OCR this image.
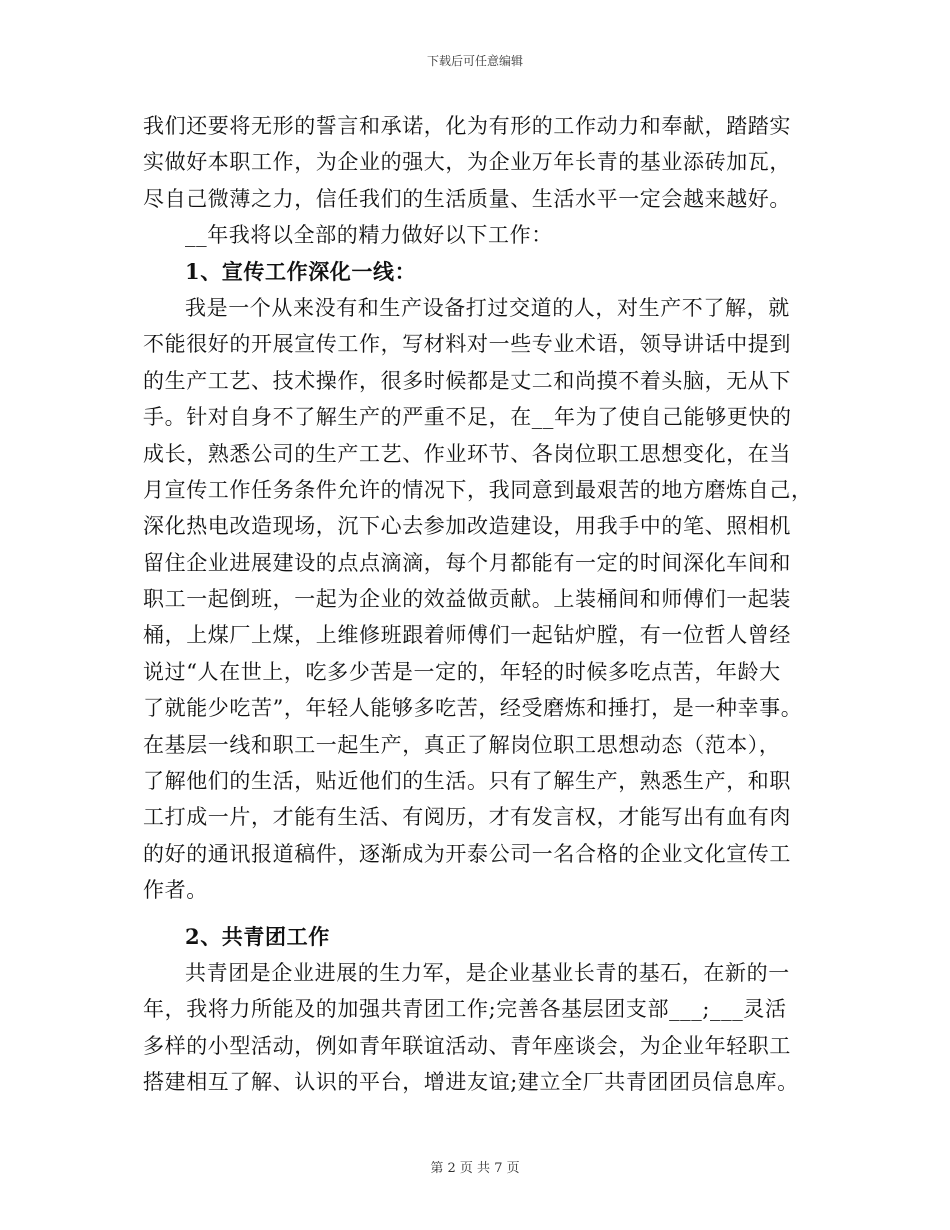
下载后可任意编辑
我们还要将无形的誓言和承诺，化为有形的工作动力和奉献，踏踏实
实做好本职工作，为企业的强大，为企业万年长青的基业添砖加瓦，
尽自己微薄之力，信任我们的生活质量、生活水平一定会越来越好。
__年我将以全部的精力做好以下工作：
1、宣传工作深化一线：
我是一个从来没有和生产设备打过交道的人，对生产不了解，就
不能很好的开展宣传工作，写材料对一些专业术语，领导讲话中提到
的生产工艺、技术操作，很多时候都是丈二和尚摸不着头脑，无从下
手。针对自身不了解生产的严重不足，在__年为了使自己能够更快的
成长，熟悉公司的生产工艺、作业环节、各岗位职工思想变化，在当
月宣传工作任务条件允许的情况下，我同意到最艰苦的地方磨炼自己，
深化热电改造现场，沉下心去参加改造建设，用我手中的笔、照相机
留住企业进展建设的点点滴滴，每个月都能有一定的时间深化车间和
职工一起倒班，一起为企业的效益做贡献。上装桶间和师傅们一起装
桶，上煤厂上煤，上维修班跟着师傅们一起钻炉膛，有一位哲人曾经
说过“人在世上，吃多少苦是一定的，年轻的时候多吃点苦，年龄大
了就能少吃苦”，年轻人能够多吃苦，经受磨炼和捶打，是一种幸事。
在基层一线和职工一起生产，真正了解岗位职工思想动态（范本），
了解他们的生活，贴近他们的生活。只有了解生产，熟悉生产，和职
工打成一片，才能有生活、有阅历，才有发言权，才能写出有血有肉
的好的通讯报道稿件，逐渐成为开泰公司一名合格的企业文化宣传工
作者。
2、共青团工作
共青团是企业进展的生力军，是企业基业长青的基石，在新的一
年，我将力所能及的加强共青团工作;完善各基层团支部___;___灵活
多样的小型活动，例如青年联谊活动、青年座谈会，为企业年轻职工
搭建相互了解、认识的平台，增进友谊;建立全厂共青团团员信息库。
第 2 页 共 7 页
